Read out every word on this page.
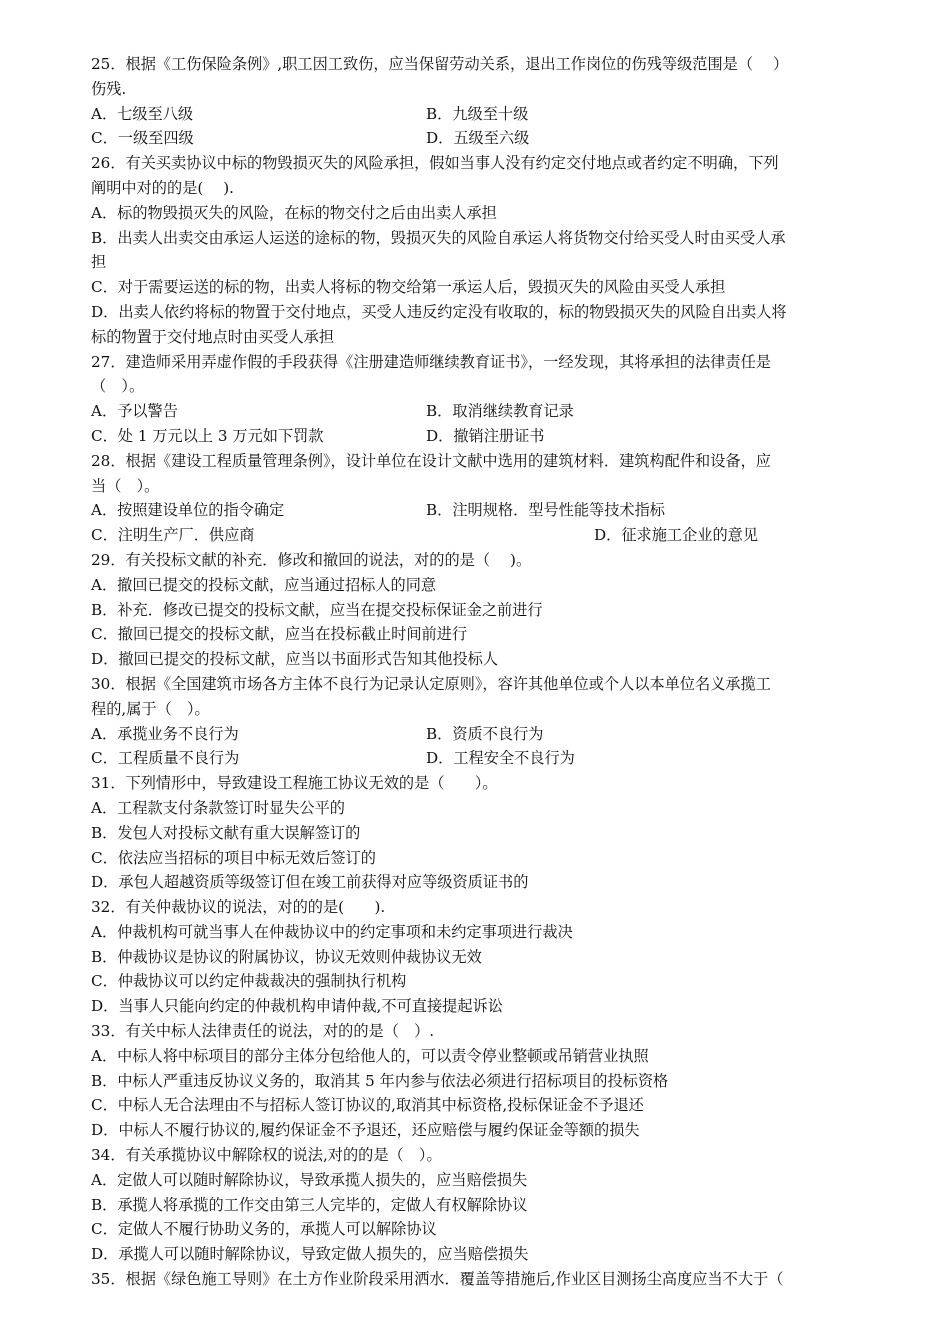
25．根据《工伤保险条例》,职工因工致伤，应当保留劳动关系，退出工作岗位的伤残等级范围是（　 ）
伤残.
A．七级至八级	B．九级至十级
C．一级至四级	D．五级至六级
26．有关买卖协议中标的物毁损灭失的风险承担，假如当事人没有约定交付地点或者约定不明确，下列
阐明中对的的是(　 ).
A．标的物毁损灭失的风险，在标的物交付之后由出卖人承担
B．出卖人出卖交由承运人运送的途标的物，毁损灭失的风险自承运人将货物交付给买受人时由买受人承
担
C．对于需要运送的标的物，出卖人将标的物交给第一承运人后，毁损灭失的风险由买受人承担
D．出卖人依约将标的物置于交付地点，买受人违反约定没有收取的，标的物毁损灭失的风险自出卖人将
标的物置于交付地点时由买受人承担
27．建造师采用弄虚作假的手段获得《注册建造师继续教育证书》，一经发现，其将承担的法律责任是
（　）。
A．予以警告	B．取消继续教育记录
C．处 1 万元以上 3 万元如下罚款	D．撤销注册证书
28．根据《建设工程质量管理条例》，设计单位在设计文献中选用的建筑材料．建筑构配件和设备，应
当（　）。
A．按照建设单位的指令确定	B．注明规格．型号性能等技术指标
C．注明生产厂．供应商	D．征求施工企业的意见
29．有关投标文献的补充．修改和撤回的说法，对的的是（　 )。
A．撤回已提交的投标文献，应当通过招标人的同意
B．补充．修改已提交的投标文献，应当在提交投标保证金之前进行
C．撤回已提交的投标文献，应当在投标截止时间前进行
D．撤回已提交的投标文献，应当以书面形式告知其他投标人
30．根据《全国建筑市场各方主体不良行为记录认定原则》，容许其他单位或个人以本单位名义承揽工
程的,属于（　）。
A．承揽业务不良行为	B．资质不良行为
C．工程质量不良行为	D．工程安全不良行为
31．下列情形中，导致建设工程施工协议无效的是（　　）。
A．工程款支付条款签订时显失公平的
B．发包人对投标文献有重大误解签订的
C．依法应当招标的项目中标无效后签订的
D．承包人超越资质等级签订但在竣工前获得对应等级资质证书的
32．有关仲裁协议的说法，对的的是(　　).
A．仲裁机构可就当事人在仲裁协议中的约定事项和未约定事项进行裁决
B．仲裁协议是协议的附属协议，协议无效则仲裁协议无效
C．仲裁协议可以约定仲裁裁决的强制执行机构
D．当事人只能向约定的仲裁机构申请仲裁,不可直接提起诉讼
33．有关中标人法律责任的说法，对的的是（　）.
A．中标人将中标项目的部分主体分包给他人的，可以责令停业整顿或吊销营业执照
B．中标人严重违反协议义务的，取消其 5 年内参与依法必须进行招标项目的投标资格
C．中标人无合法理由不与招标人签订协议的,取消其中标资格,投标保证金不予退还
D．中标人不履行协议的,履约保证金不予退还，还应赔偿与履约保证金等额的损失
34．有关承揽协议中解除权的说法,对的的是（　）。
A．定做人可以随时解除协议，导致承揽人损失的，应当赔偿损失
B．承揽人将承揽的工作交由第三人完毕的，定做人有权解除协议
C．定做人不履行协助义务的，承揽人可以解除协议
D．承揽人可以随时解除协议，导致定做人损失的，应当赔偿损失
35．根据《绿色施工导则》在土方作业阶段采用洒水．覆盖等措施后,作业区目测扬尘高度应当不大于（
